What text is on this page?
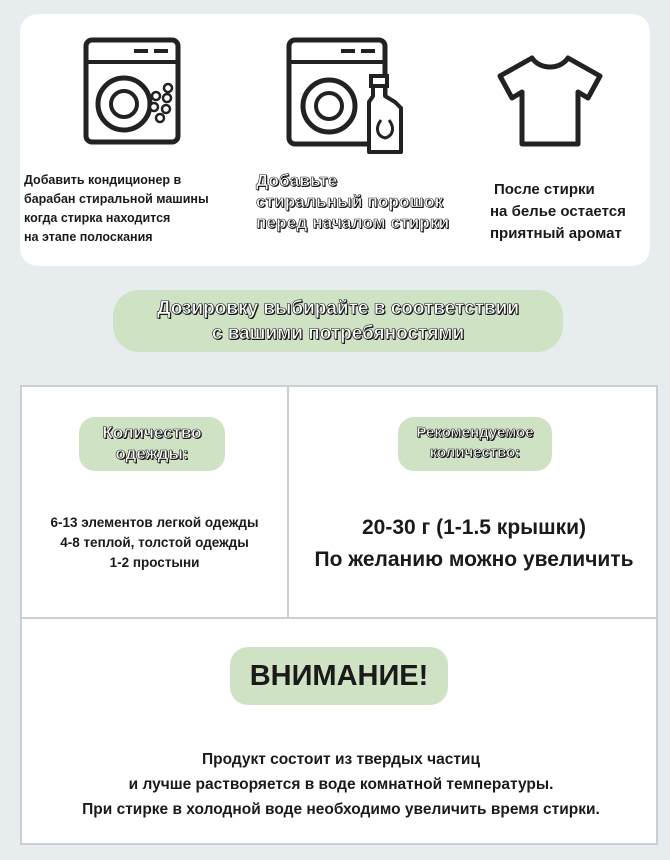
Добавить кондиционер в
барабан стиральной машины
когда стирка находится
на этапе полоскания
Добавьте
стиральный порошок
перед началом стирки
После стирки
на белье остается
приятный аромат
Дозировку выбирайте в соответствии
с вашими потребяностями
Количество
одежды:
Рекомендуемое
количество:
6-13 элементов легкой одежды
4-8 теплой, толстой одежды
1-2 простыни
20-30 г (1-1.5 крышки)
По желанию можно увеличить
ВНИМАНИЕ!
Продукт состоит из твердых частиц
и лучше растворяется в воде комнатной температуры.
При стирке в холодной воде необходимо увеличить время стирки.
